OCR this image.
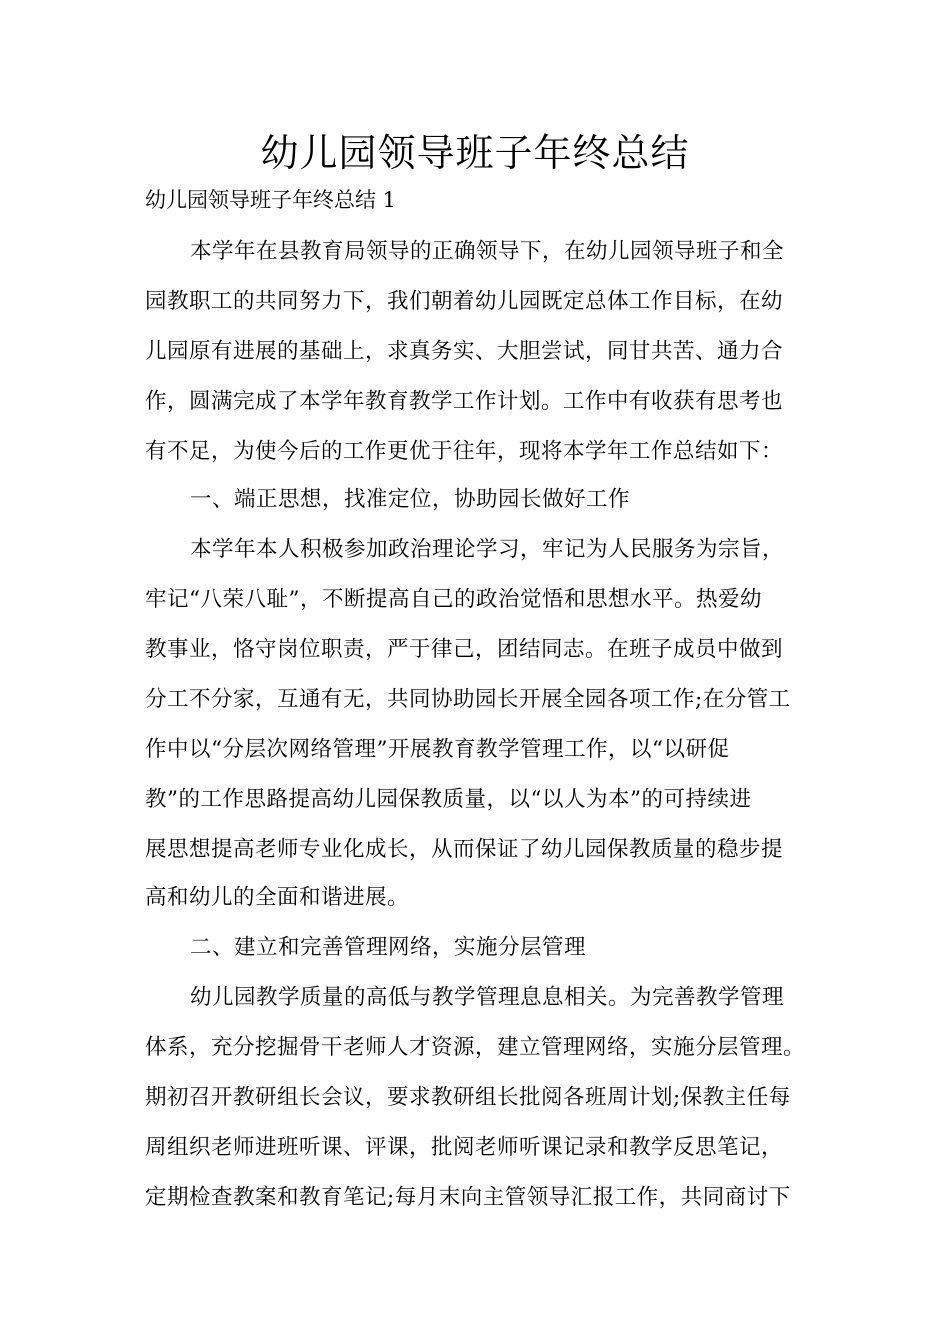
幼儿园领导班子年终总结
幼儿园领导班子年终总结 1
本学年在县教育局领导的正确领导下，在幼儿园领导班子和全
园教职工的共同努力下，我们朝着幼儿园既定总体工作目标，在幼
儿园原有进展的基础上，求真务实、大胆尝试，同甘共苦、通力合
作，圆满完成了本学年教育教学工作计划。工作中有收获有思考也
有不足，为使今后的工作更优于往年，现将本学年工作总结如下：
一、端正思想，找准定位，协助园长做好工作
本学年本人积极参加政治理论学习，牢记为人民服务为宗旨，
牢记“八荣八耻”，不断提高自己的政治觉悟和思想水平。热爱幼
教事业，恪守岗位职责，严于律己，团结同志。在班子成员中做到
分工不分家，互通有无，共同协助园长开展全园各项工作;在分管工
作中以“分层次网络管理”开展教育教学管理工作，以“以研促
教”的工作思路提高幼儿园保教质量，以“以人为本”的可持续进
展思想提高老师专业化成长，从而保证了幼儿园保教质量的稳步提
高和幼儿的全面和谐进展。
二、建立和完善管理网络，实施分层管理
幼儿园教学质量的高低与教学管理息息相关。为完善教学管理
体系，充分挖掘骨干老师人才资源，建立管理网络，实施分层管理。
期初召开教研组长会议，要求教研组长批阅各班周计划;保教主任每
周组织老师进班听课、评课，批阅老师听课记录和教学反思笔记，
定期检查教案和教育笔记;每月末向主管领导汇报工作，共同商讨下
